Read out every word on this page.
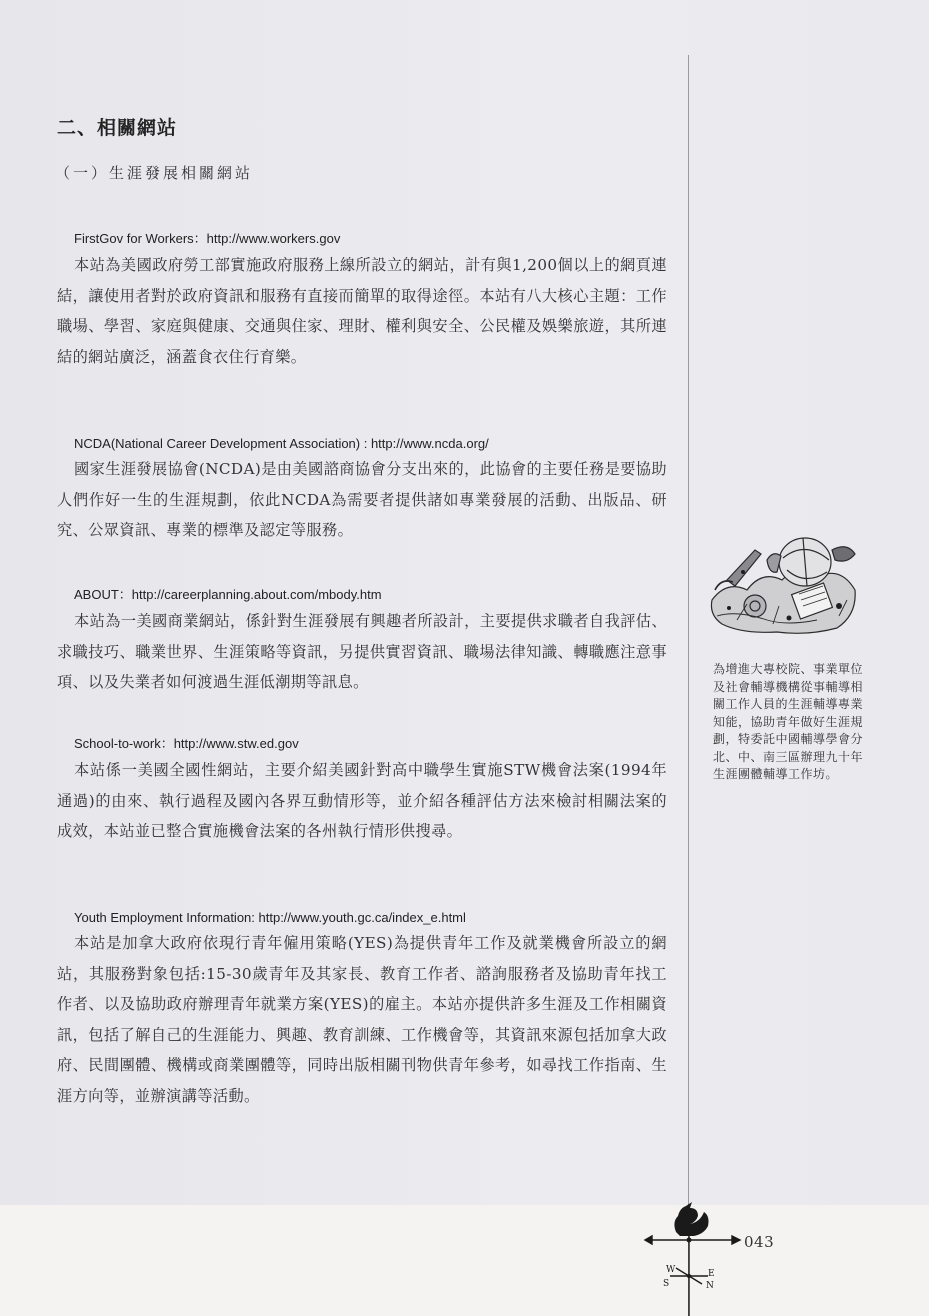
二、相關網站
（一）生涯發展相關網站
FirstGov for Workers：http://www.workers.gov
本站為美國政府勞工部實施政府服務上線所設立的網站，計有與1,200個以上的網頁連結，讓使用者對於政府資訊和服務有直接而簡單的取得途徑。本站有八大核心主題：工作職場、學習、家庭與健康、交通與住家、理財、權利與安全、公民權及娛樂旅遊，其所連結的網站廣泛，涵蓋食衣住行育樂。
NCDA(National Career Development Association) : http://www.ncda.org/
國家生涯發展協會(NCDA)是由美國諮商協會分支出來的，此協會的主要任務是要協助人們作好一生的生涯規劃，依此NCDA為需要者提供諸如專業發展的活動、出版品、研究、公眾資訊、專業的標準及認定等服務。
ABOUT：http://careerplanning.about.com/mbody.htm
本站為一美國商業網站，係針對生涯發展有興趣者所設計，主要提供求職者自我評估、求職技巧、職業世界、生涯策略等資訊，另提供實習資訊、職場法律知識、轉職應注意事項、以及失業者如何渡過生涯低潮期等訊息。
School-to-work：http://www.stw.ed.gov
本站係一美國全國性網站，主要介紹美國針對高中職學生實施STW機會法案(1994年通過)的由來、執行過程及國內各界互動情形等，並介紹各種評估方法來檢討相關法案的成效，本站並已整合實施機會法案的各州執行情形供搜尋。
Youth Employment Information: http://www.youth.gc.ca/index_e.html
本站是加拿大政府依現行青年僱用策略(YES)為提供青年工作及就業機會所設立的網站，其服務對象包括:15-30歲青年及其家長、教育工作者、諮詢服務者及協助青年找工作者、以及協助政府辦理青年就業方案(YES)的雇主。本站亦提供許多生涯及工作相關資訊，包括了解自己的生涯能力、興趣、教育訓練、工作機會等，其資訊來源包括加拿大政府、民間團體、機構或商業團體等，同時出版相關刊物供青年參考，如尋找工作指南、生涯方向等，並辦演講等活動。
為增進大專校院、事業單位及社會輔導機構從事輔導相關工作人員的生涯輔導專業知能，協助青年做好生涯規劃，特委託中國輔導學會分北、中、南三區辦理九十年生涯團體輔導工作坊。
W	E
S	N
043
